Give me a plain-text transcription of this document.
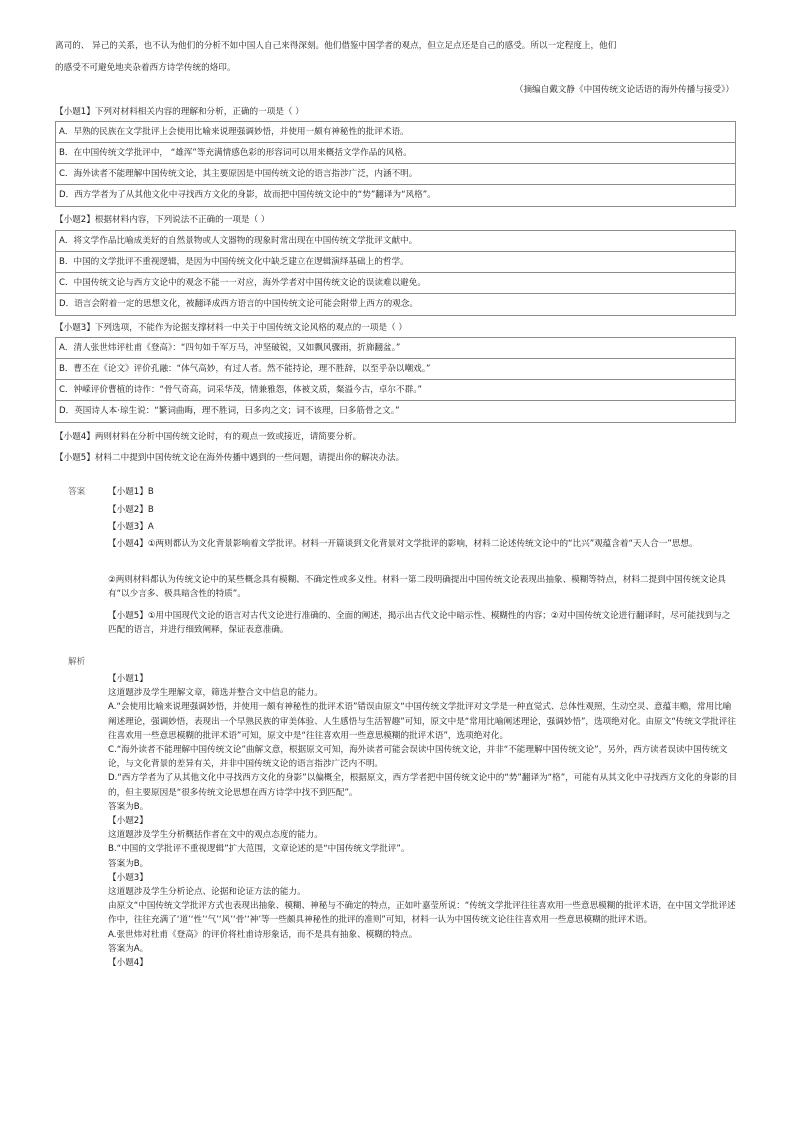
离司的、 异己的关系，也不认为他们的分析不如中国人自己来得深刻。他们借鉴中国学者的观点，但立足点还是自己的感受。所以一定程度上，他们
的感受不可避免地夹杂着西方诗学传统的烙印。
（摘编自戴文静《中国传统文论话语的海外传播与接受》）
【小题1】下列对材料相关内容的理解和分析，正确的一项是（ ）
A．早熟的民族在文学批评上会使用比喻来说理强调妙悟，并使用一颇有神秘性的批评术语。
B．在中国传统文学批评中， “雄浑”等充满情感色彩的形容词可以用来概括文学作品的风格。
C．海外读者不能理解中国传统文论，其主要原因是中国传统文论的语言指涉广泛，内涵不明。
D．西方学者为了从其他文化中寻找西方文化的身影，故而把中国传统文论中的“势”翻译为“风格”。
【小题2】根据材料内容，下列说法不正确的一项是（ ）
A．将文学作品比喻成美好的自然景物或人文器物的现象时常出现在中国传统文学批评文献中。
B．中国的文学批评不重视逻辑，是因为中国传统文化中缺乏建立在逻辑演绎基础上的哲学。
C．中国传统文论与西方文论中的观念不能一一对应，海外学者对中国传统文论的误读难以避免。
D．语言会附着一定的思想文化，被翻译成西方语言的中国传统文论可能会附带上西方的观念。
【小题3】下列选项，不能作为论据支撑材料一中关于中国传统文论风格的观点的一项是（ ）
A．清人张世炜评杜甫《登高》：“四句如千军万马，冲坚破锐，又如飘风骤雨，折旆翻盆。”
B．曹丕在《论文》评价孔融：“体气高妙，有过人者。然不能持论，理不胜辞，以至乎杂以嘲戏。”
C．钟嵘评价曹植的诗作：“骨气奇高，词采华茂，情兼雅怨，体被文质，粲溢今古，卓尔不群。”
D．英国诗人本·琼生说：“繁词曲晦，理不胜词，曰多肉之文；词不该理，曰多筋骨之文。”
【小题4】两则材料在分析中国传统文论时，有的观点一致或接近，请简要分析。
【小题5】材料二中提到中国传统文论在海外传播中遇到的一些问题，请提出你的解决办法。
答案	【小题1】B
【小题2】B
【小题3】A
【小题4】①两则都认为文化背景影响着文学批评。材料一开篇谈到文化背景对文学批评的影响，材料二论述传统文论中的“比兴”观蕴含着“天人合一”思想。
②两则材料都认为传统文论中的某些概念具有模糊、不确定性或多义性。材料一第二段明确提出中国传统文论表现出抽象、模糊等特点，材料二提到中国传统文论具有“以少言多、极具暗含性的特质”。
【小题5】①用中国现代文论的语言对古代文论进行准确的、全面的阐述，揭示出古代文论中暗示性、模糊性的内容；②对中国传统文论进行翻译时，尽可能找到与之匹配的语言，并进行细致阐释，保证表意准确。
解析
【小题1】
这道题涉及学生理解文章，筛选并整合文中信息的能力。
A.“会使用比喻来说理强调妙悟，并使用一颇有神秘性的批评术语”错误由原文“中国传统文学批评对文学是一种直觉式、总体性观照，生动空灵、意蕴丰赡，常用比喻阐述理论，强调妙悟，表现出一个早熟民族的审美体验、人生感悟与生活智趣”可知，原文中是“常用比喻阐述理论，强调妙悟”，选项绝对化。由原文“传统文学批评往往喜欢用一些意思模糊的批评术语”可知，原文中是“往往喜欢用一些意思模糊的批评术语”，选项绝对化。
C.“海外读者不能理解中国传统文论”曲解文意，根据原文可知，海外读者可能会误读中国传统文论，并非“不能理解中国传统文论”，另外，西方读者误读中国传统文论，与文化背景的差异有关，并非中国传统文论的语言指涉广泛内不明。
D.“西方学者为了从其他文化中寻找西方文化的身影”以偏概全，根据原文，西方学者把中国传统文论中的“势”翻译为“格”，可能有从其文化中寻找西方文化的身影的目的，但主要原因是“很多传统文论思想在西方诗学中找不到匹配”。
答案为B。
【小题2】
这道题涉及学生分析概括作者在文中的观点态度的能力。
B.“中国的文学批评不重视逻辑”扩大范围，文章论述的是“中国传统文学批评”。
答案为B。
【小题3】
这道题涉及学生分析论点、论据和论证方法的能力。
由原文“中国传统文学批评方式也表现出抽象、模糊、神秘与不确定的特点，正如叶嘉莹所说：“传统文学批评往往喜欢用一些意思模糊的批评术语，在中国文学批评述作中，往往充满了‘道’‘性’‘气’‘风’‘骨’‘神’等一些颇具神秘性的批评的准则”可知，材料一认为中国传统文论往往喜欢用一些意思模糊的批评术语。
A.张世炜对杜甫《登高》的评价将杜甫诗形象话，而不是具有抽象、模糊的特点。
答案为A。
【小题4】
